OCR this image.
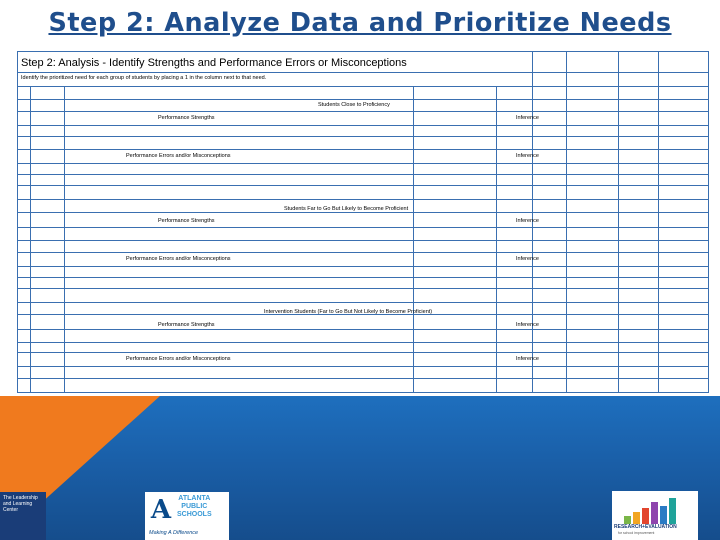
Step 2: Analyze Data and Prioritize Needs
Step 2: Analysis - Identify Strengths and Performance Errors or Misconceptions
Identify the prioritized need for each group of students by placing a 1 in the column next to that need.
Students Close to Proficiency
Performance Strengths	Inference
Performance Errors and/or Misconceptions	Inference
Students Far to Go But Likely to Become Proficient
Performance Strengths	Inference
Performance Errors and/or Misconceptions	Inference
Intervention Students (Far to Go But Not Likely to Become Proficient)
Performance Strengths	Inference
Performance Errors and/or Misconceptions	Inference
The Leadership and Learning Center	A	ATLANTA
PUBLIC
SCHOOLS
Making A Difference
RESEARCH+EVALUATION
for school improvement
